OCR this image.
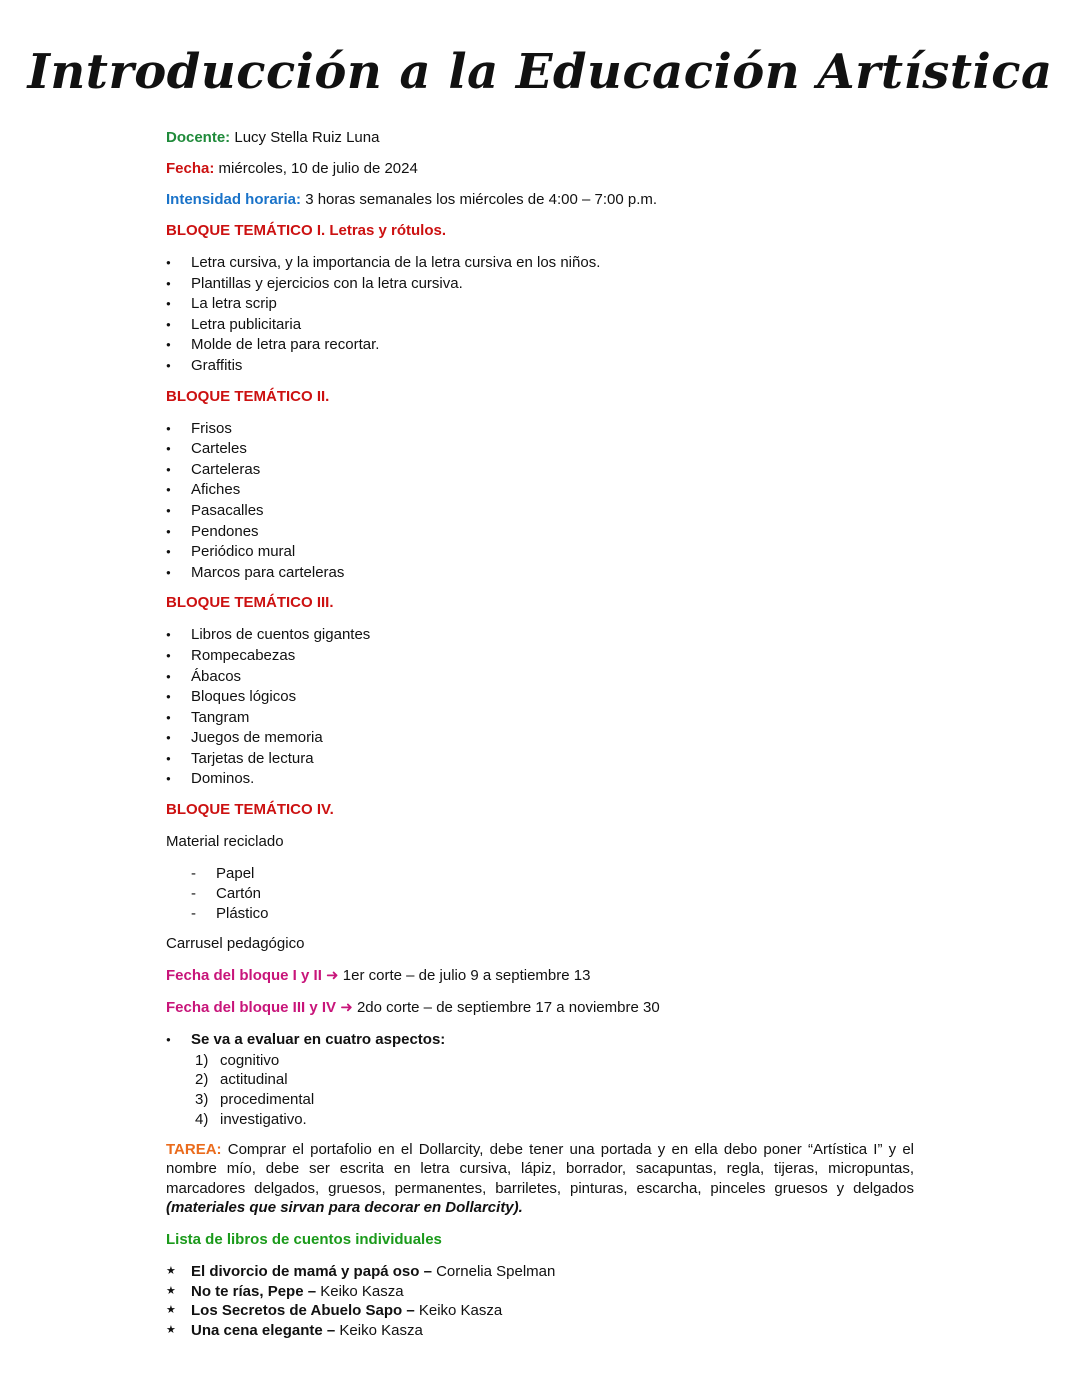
Introducción a la Educación Artística

Docente: Lucy Stella Ruiz Luna

Fecha: miércoles, 10 de julio de 2024

Intensidad horaria: 3 horas semanales los miércoles de 4:00 – 7:00 p.m.

BLOQUE TEMÁTICO I. Letras y rótulos.

● Letra cursiva, y la importancia de la letra cursiva en los niños.
● Plantillas y ejercicios con la letra cursiva.
● La letra scrip
● Letra publicitaria
● Molde de letra para recortar.
● Graffitis

BLOQUE TEMÁTICO II.

● Frisos
● Carteles
● Carteleras
● Afiches
● Pasacalles
● Pendones
● Periódico mural
● Marcos para carteleras

BLOQUE TEMÁTICO III.

● Libros de cuentos gigantes
● Rompecabezas
● Ábacos
● Bloques lógicos
● Tangram
● Juegos de memoria
● Tarjetas de lectura
● Dominos.

BLOQUE TEMÁTICO IV.

Material reciclado

- Papel
- Cartón
- Plástico

Carrusel pedagógico

Fecha del bloque I y II ➜ 1er corte – de julio 9 a septiembre 13

Fecha del bloque III y IV ➜ 2do corte – de septiembre 17 a noviembre 30

● Se va a evaluar en cuatro aspectos:
1) cognitivo
2) actitudinal
3) procedimental
4) investigativo.

TAREA: Comprar el portafolio en el Dollarcity, debe tener una portada y en ella debo poner “Artística I” y el nombre mío, debe ser escrita en letra cursiva, lápiz, borrador, sacapuntas, regla, tijeras, micropuntas, marcadores delgados, gruesos, permanentes, barriletes, pinturas, escarcha, pinceles gruesos y delgados (materiales que sirvan para decorar en Dollarcity).

Lista de libros de cuentos individuales

★ El divorcio de mamá y papá oso – Cornelia Spelman
★ No te rías, Pepe – Keiko Kasza
★ Los Secretos de Abuelo Sapo – Keiko Kasza
★ Una cena elegante – Keiko Kasza
